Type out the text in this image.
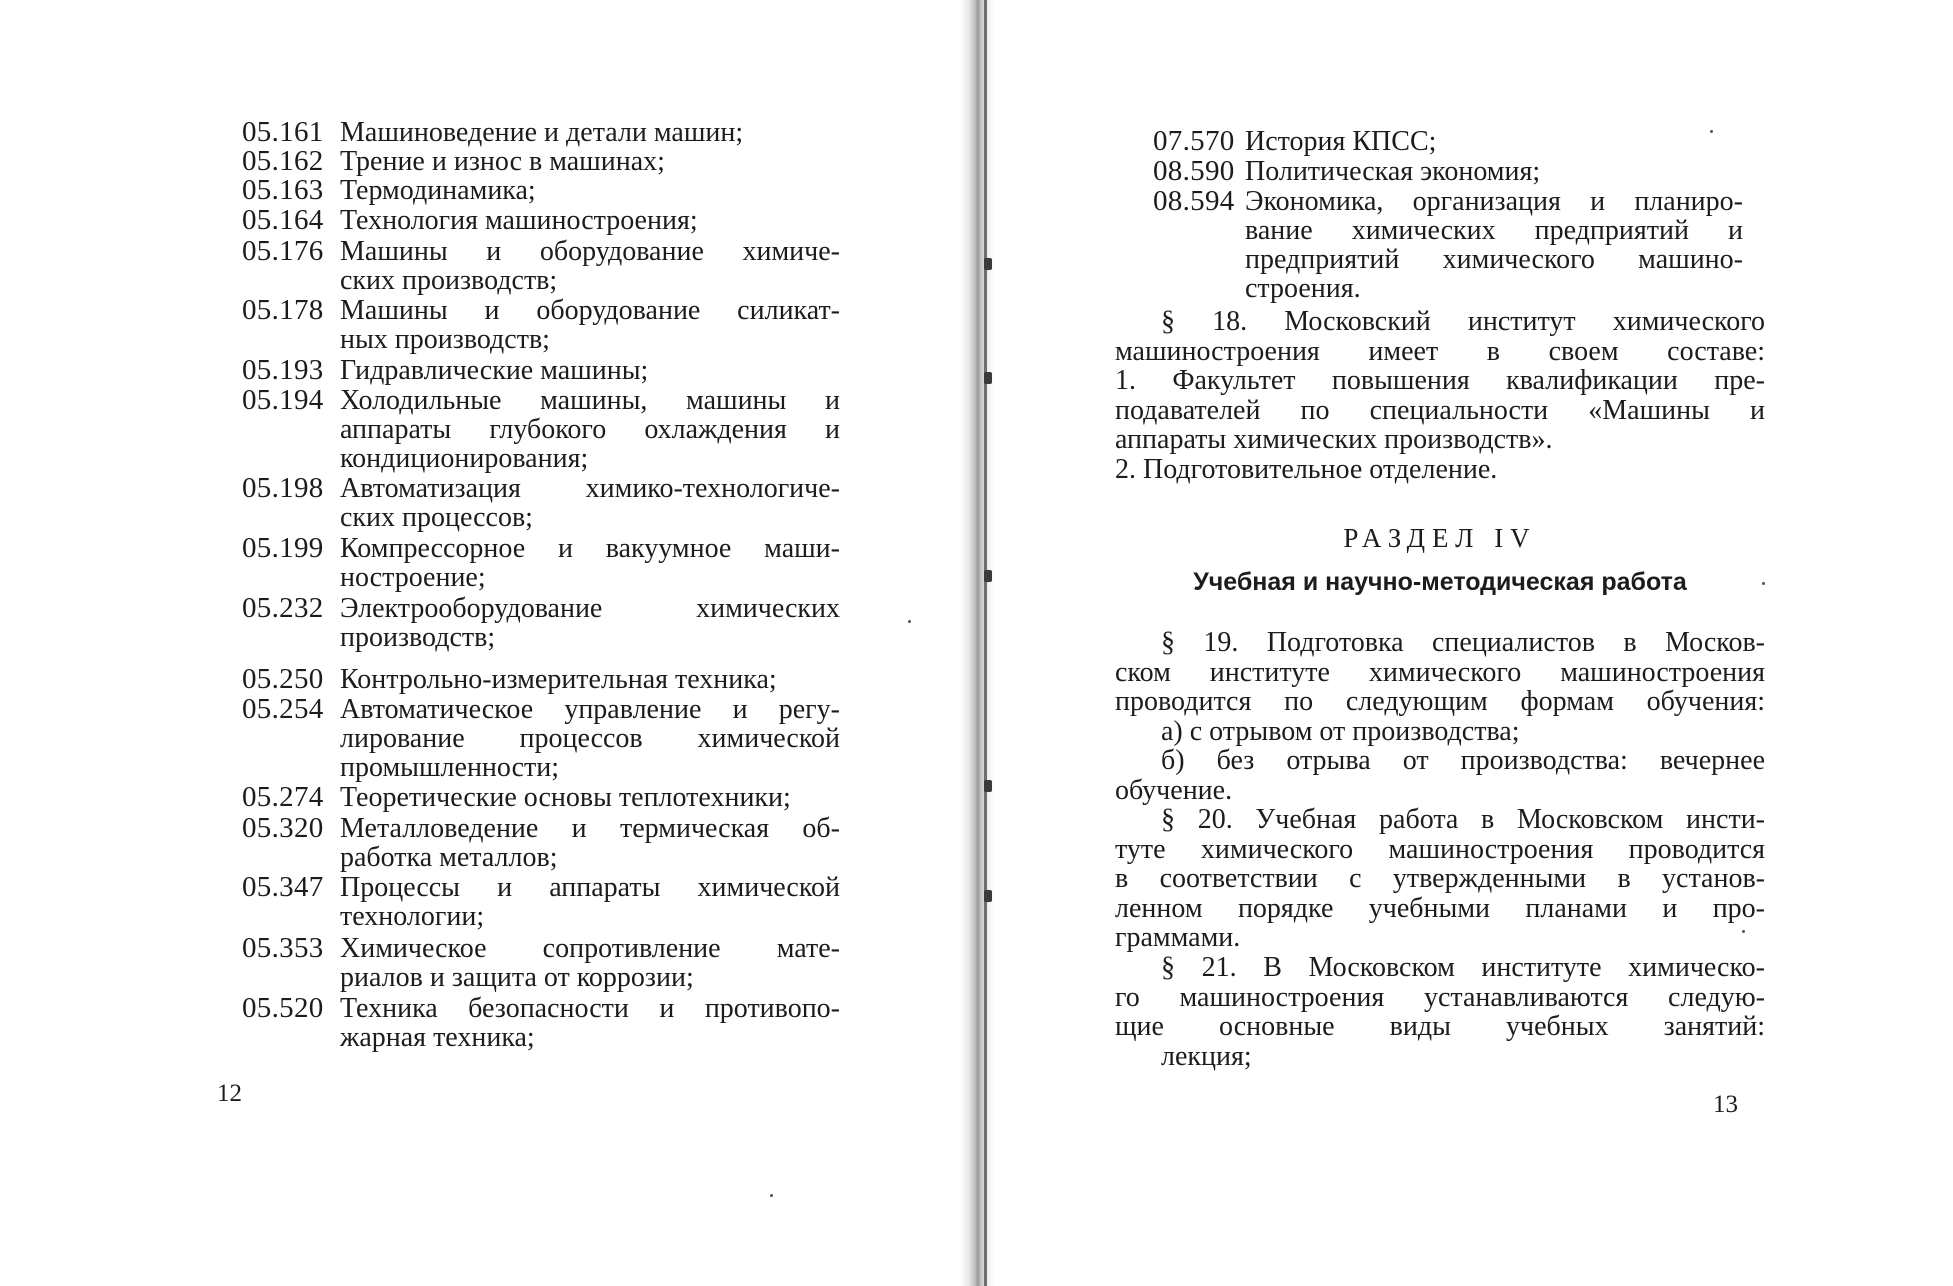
05.161 Машиноведение и детали машин;
05.162 Трение и износ в машинах;
05.163 Термодинамика;
05.164 Технология машиностроения;
05.176 Машины и оборудование химиче-
ских производств;
05.178 Машины и оборудование силикат-
ных производств;
05.193 Гидравлические машины;
05.194 Холодильные машины, машины и
аппараты глубокого охлаждения и
кондиционирования;
05.198 Автоматизация химико-технологиче-
ских процессов;
05.199 Компрессорное и вакуумное маши-
ностроение;
05.232 Электрооборудование химических
производств;
05.250 Контрольно-измерительная техника;
05.254 Автоматическое управление и регу-
лирование процессов химической
промышленности;
05.274 Теоретические основы теплотехники;
05.320 Металловедение и термическая об-
работка металлов;
05.347 Процессы и аппараты химической
технологии;
05.353 Химическое сопротивление мате-
риалов и защита от коррозии;
05.520 Техника безопасности и противопо-
жарная техника;
12
07.570 История КПСС;
08.590 Политическая экономия;
08.594 Экономика, организация и планиро-
вание химических предприятий и
предприятий химического машино-
строения.
§ 18. Московский институт химического
машиностроения имеет в своем составе:
1. Факультет повышения квалификации пре-
подавателей по специальности «Машины и
аппараты химических производств».
2. Подготовительное отделение.
РАЗДЕЛ IV
Учебная и научно-методическая работа
§ 19. Подготовка специалистов в Москов-
ском институте химического машиностроения
проводится по следующим формам обучения:
а) с отрывом от производства;
б) без отрыва от производства: вечернее
обучение.
§ 20. Учебная работа в Московском инсти-
туте химического машиностроения проводится
в соответствии с утвержденными в установ-
ленном порядке учебными планами и про-
граммами.
§ 21. В Московском институте химическо-
го машиностроения устанавливаются следую-
щие основные виды учебных занятий:
лекция;
13
